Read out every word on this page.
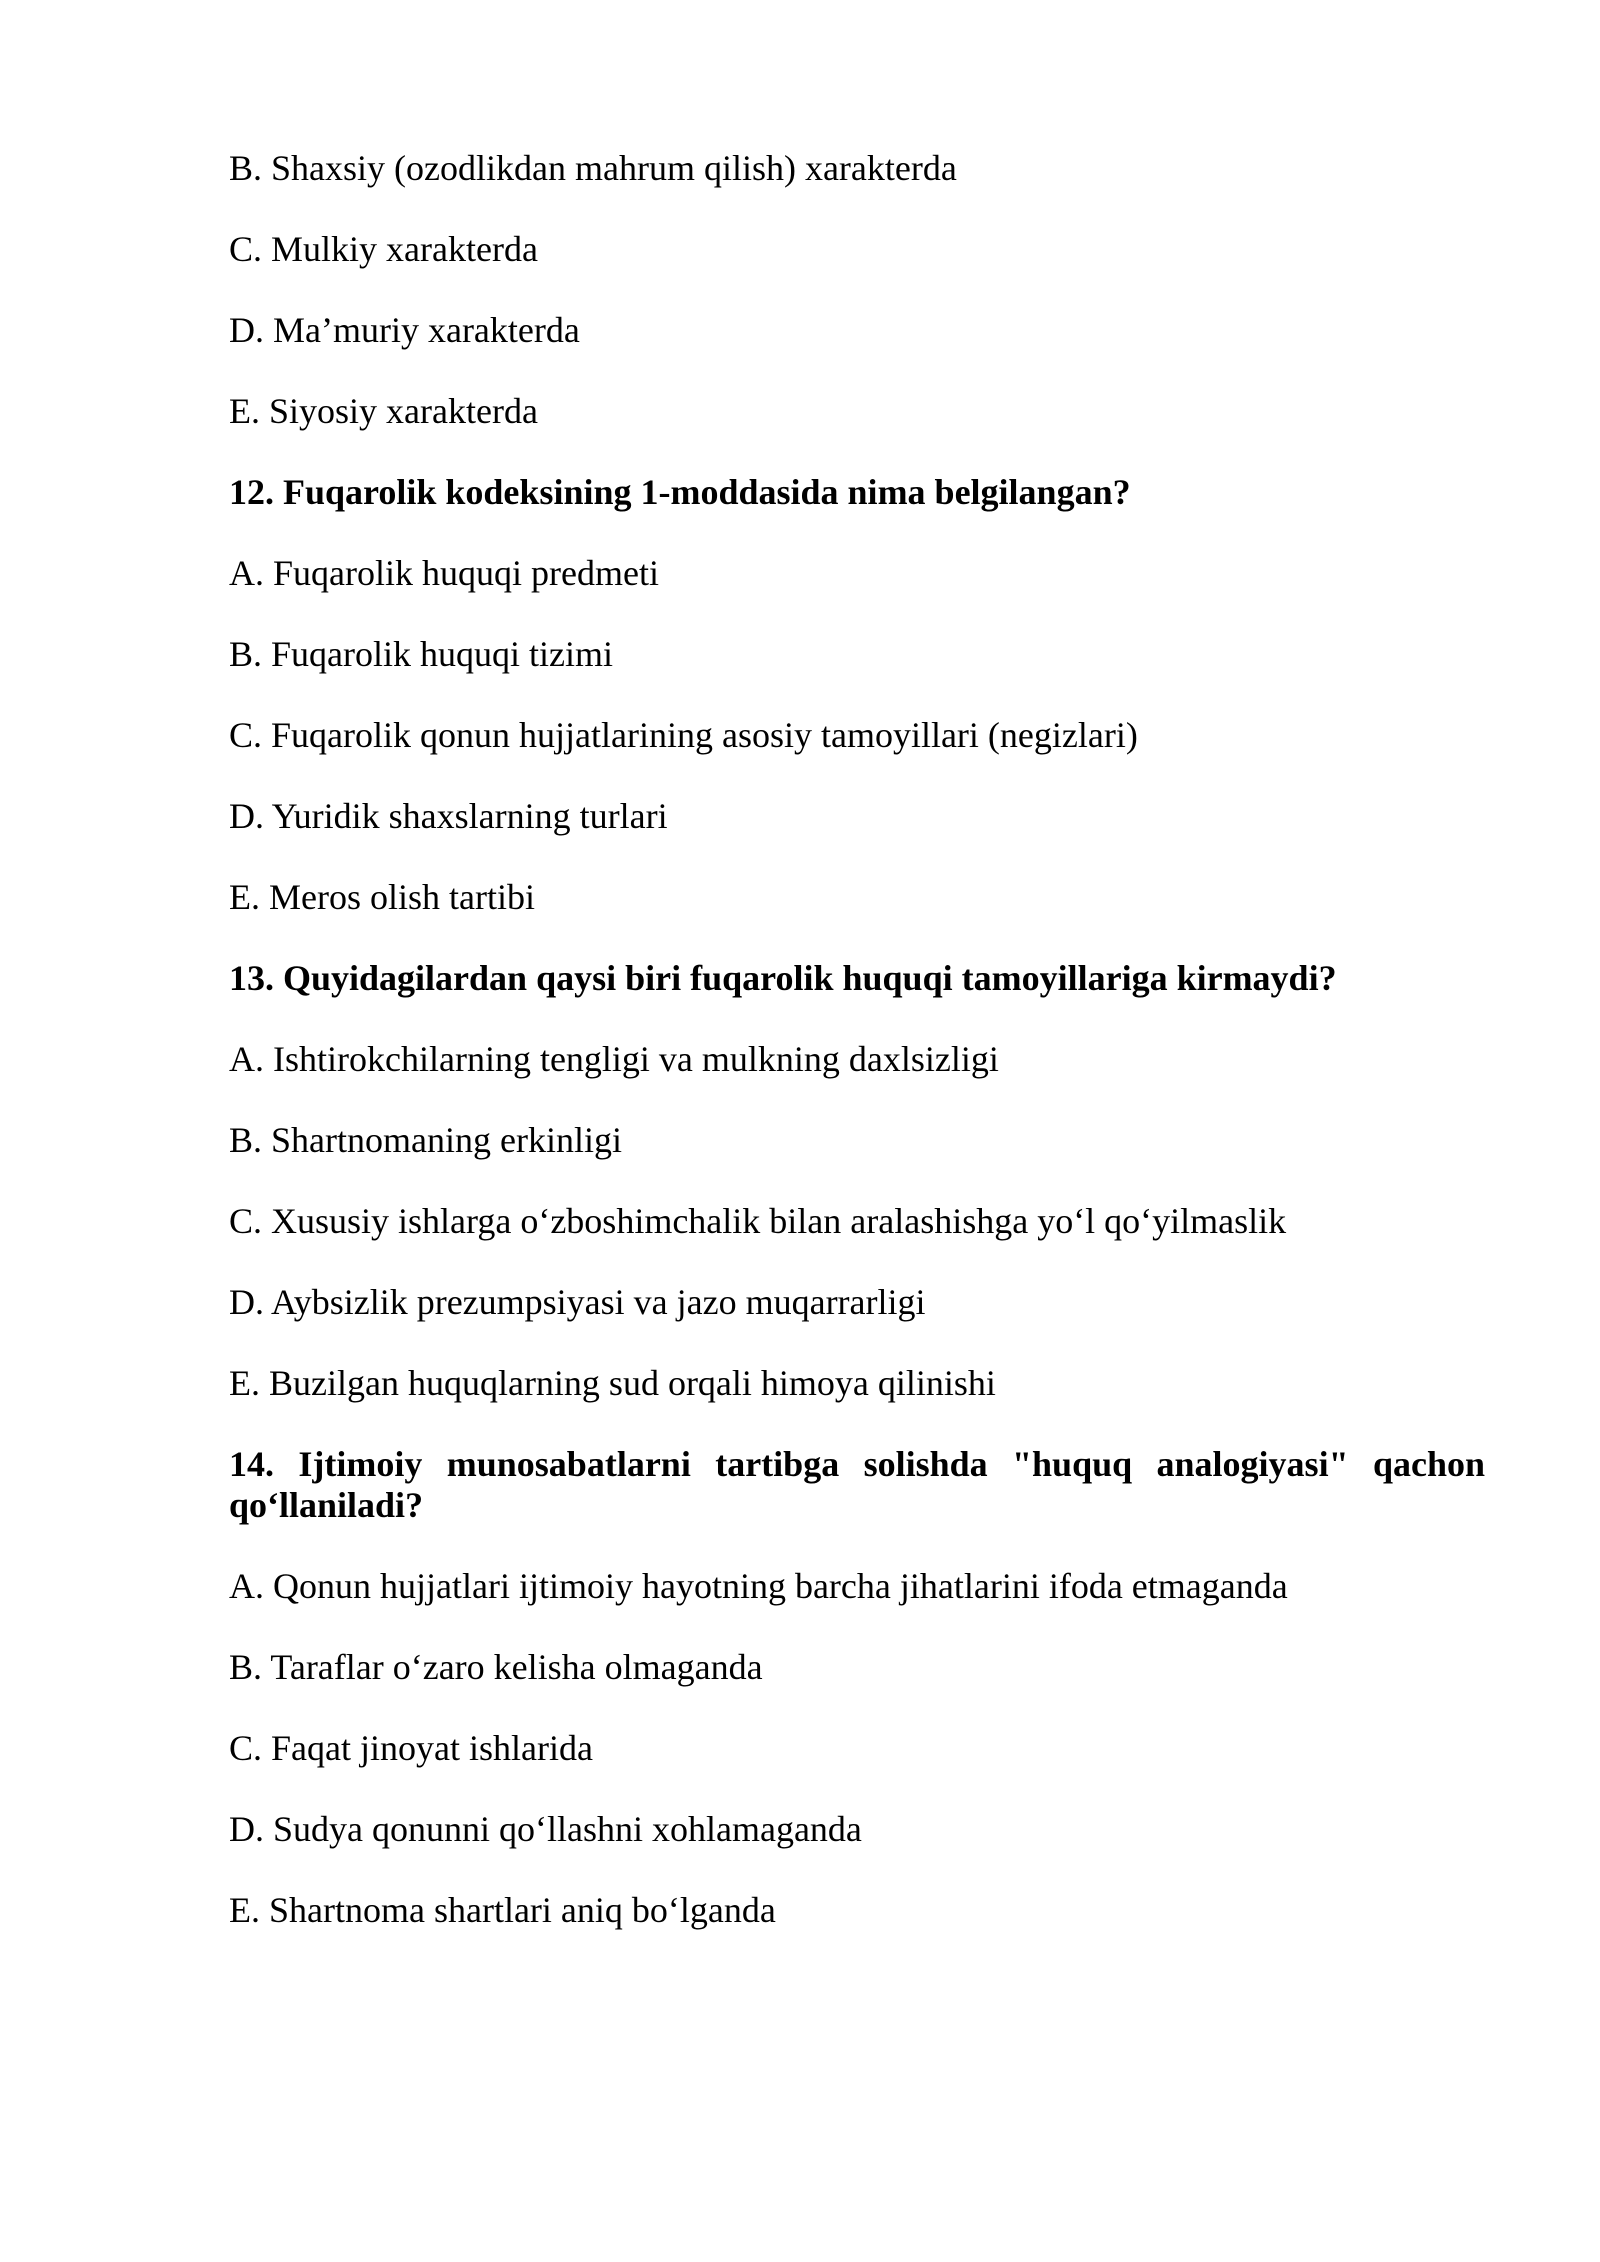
B. Shaxsiy (ozodlikdan mahrum qilish) xarakterda

C. Mulkiy xarakterda

D. Ma’muriy xarakterda

E. Siyosiy xarakterda

12. Fuqarolik kodeksining 1-moddasida nima belgilangan?

A. Fuqarolik huquqi predmeti

B. Fuqarolik huquqi tizimi

C. Fuqarolik qonun hujjatlarining asosiy tamoyillari (negizlari)

D. Yuridik shaxslarning turlari

E. Meros olish tartibi

13. Quyidagilardan qaysi biri fuqarolik huquqi tamoyillariga kirmaydi?

A. Ishtirokchilarning tengligi va mulkning daxlsizligi

B. Shartnomaning erkinligi

C. Xususiy ishlarga o‘zboshimchalik bilan aralashishga yo‘l qo‘yilmaslik

D. Aybsizlik prezumpsiyasi va jazo muqarrarligi

E. Buzilgan huquqlarning sud orqali himoya qilinishi

14. Ijtimoiy munosabatlarni tartibga solishda "huquq analogiyasi" qachon qo‘llaniladi?

A. Qonun hujjatlari ijtimoiy hayotning barcha jihatlarini ifoda etmaganda

B. Taraflar o‘zaro kelisha olmaganda

C. Faqat jinoyat ishlarida

D. Sudya qonunni qo‘llashni xohlamaganda

E. Shartnoma shartlari aniq bo‘lganda
